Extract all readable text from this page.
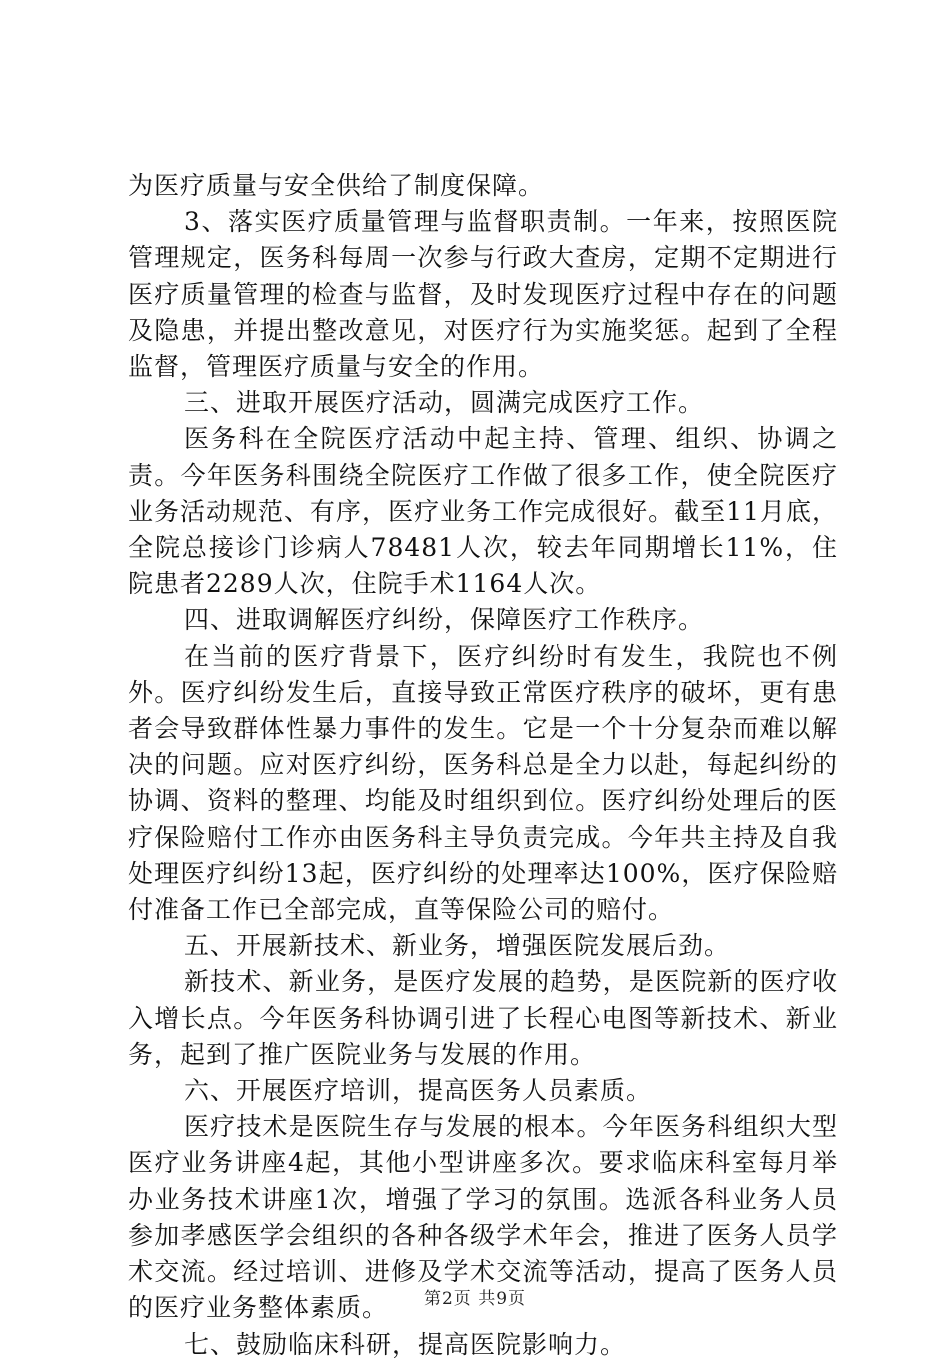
为医疗质量与安全供给了制度保障。

3、落实医疗质量管理与监督职责制。一年来，按照医院管理规定，医务科每周一次参与行政大查房，定期不定期进行医疗质量管理的检查与监督，及时发现医疗过程中存在的问题及隐患，并提出整改意见，对医疗行为实施奖惩。起到了全程监督，管理医疗质量与安全的作用。

三、进取开展医疗活动，圆满完成医疗工作。

医务科在全院医疗活动中起主持、管理、组织、协调之责。今年医务科围绕全院医疗工作做了很多工作，使全院医疗业务活动规范、有序，医疗业务工作完成很好。截至11月底，全院总接诊门诊病人78481人次，较去年同期增长11%，住院患者2289人次，住院手术1164人次。

四、进取调解医疗纠纷，保障医疗工作秩序。

在当前的医疗背景下，医疗纠纷时有发生，我院也不例外。医疗纠纷发生后，直接导致正常医疗秩序的破坏，更有患者会导致群体性暴力事件的发生。它是一个十分复杂而难以解决的问题。应对医疗纠纷，医务科总是全力以赴，每起纠纷的协调、资料的整理、均能及时组织到位。医疗纠纷处理后的医疗保险赔付工作亦由医务科主导负责完成。今年共主持及自我处理医疗纠纷13起，医疗纠纷的处理率达100%，医疗保险赔付准备工作已全部完成，直等保险公司的赔付。

五、开展新技术、新业务，增强医院发展后劲。

新技术、新业务，是医疗发展的趋势，是医院新的医疗收入增长点。今年医务科协调引进了长程心电图等新技术、新业务，起到了推广医院业务与发展的作用。

六、开展医疗培训，提高医务人员素质。

医疗技术是医院生存与发展的根本。今年医务科组织大型医疗业务讲座4起，其他小型讲座多次。要求临床科室每月举办业务技术讲座1次，增强了学习的氛围。选派各科业务人员参加孝感医学会组织的各种各级学术年会，推进了医务人员学术交流。经过培训、进修及学术交流等活动，提高了医务人员的医疗业务整体素质。

七、鼓励临床科研，提高医院影响力。

第2页 共9页
